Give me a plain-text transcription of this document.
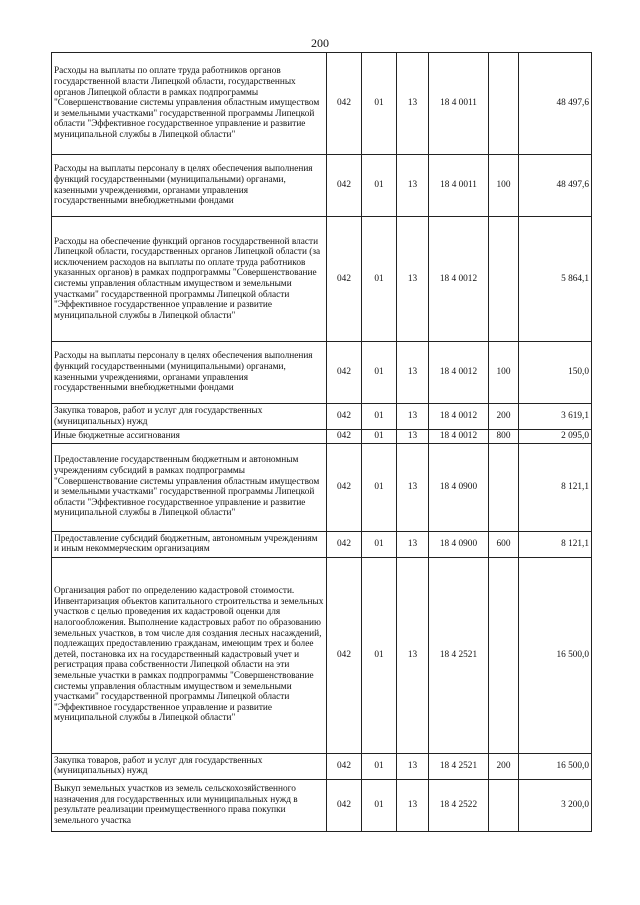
200
Расходы на выплаты по оплате труда работников органов государственной власти Липецкой области, государственных органов Липецкой области в рамках подпрограммы "Совершенствование системы управления областным имуществом и земельными участками" государственной программы Липецкой области "Эффективное государственное управление и развитие муниципальной службы в Липецкой области"	042	01	13	18 4 0011		48 497,6
Расходы на выплаты персоналу в целях обеспечения выполнения функций государственными (муниципальными) органами, казенными учреждениями, органами управления государственными внебюджетными фондами	042	01	13	18 4 0011	100	48 497,6
Расходы на обеспечение функций органов государственной власти Липецкой области, государственных органов Липецкой области (за исключением расходов на выплаты по оплате труда работников указанных органов) в рамках подпрограммы "Совершенствование системы управления областным имуществом и земельными участками" государственной программы Липецкой области "Эффективное государственное управление и развитие муниципальной службы в Липецкой области"	042	01	13	18 4 0012		5 864,1
Расходы на выплаты персоналу в целях обеспечения выполнения функций государственными (муниципальными) органами, казенными учреждениями, органами управления государственными внебюджетными фондами	042	01	13	18 4 0012	100	150,0
Закупка товаров, работ и услуг для государственных (муниципальных) нужд	042	01	13	18 4 0012	200	3 619,1
Иные бюджетные ассигнования	042	01	13	18 4 0012	800	2 095,0
Предоставление государственным бюджетным и автономным учреждениям субсидий в рамках подпрограммы "Совершенствование системы управления областным имуществом и земельными участками" государственной программы Липецкой области "Эффективное государственное управление и развитие муниципальной службы в Липецкой области"	042	01	13	18 4 0900		8 121,1
Предоставление субсидий бюджетным, автономным учреждениям и иным некоммерческим организациям	042	01	13	18 4 0900	600	8 121,1
Организация работ по определению кадастровой стоимости. Инвентаризация объектов капитального строительства и земельных участков с целью проведения их кадастровой оценки для налогообложения. Выполнение кадастровых работ по образованию земельных участков, в том числе для создания лесных насаждений, подлежащих предоставлению гражданам, имеющим трех и более детей, постановка их на государственный кадастровый учет и регистрация права собственности Липецкой области на эти земельные участки в рамках подпрограммы "Совершенствование системы управления областным имуществом и земельными участками" государственной программы Липецкой области "Эффективное государственное управление и развитие муниципальной службы в Липецкой области"	042	01	13	18 4 2521		16 500,0
Закупка товаров, работ и услуг для государственных (муниципальных) нужд	042	01	13	18 4 2521	200	16 500,0
Выкуп земельных участков из земель сельскохозяйственного назначения для государственных или муниципальных нужд в результате реализации преимущественного права покупки земельного участка	042	01	13	18 4 2522		3 200,0
